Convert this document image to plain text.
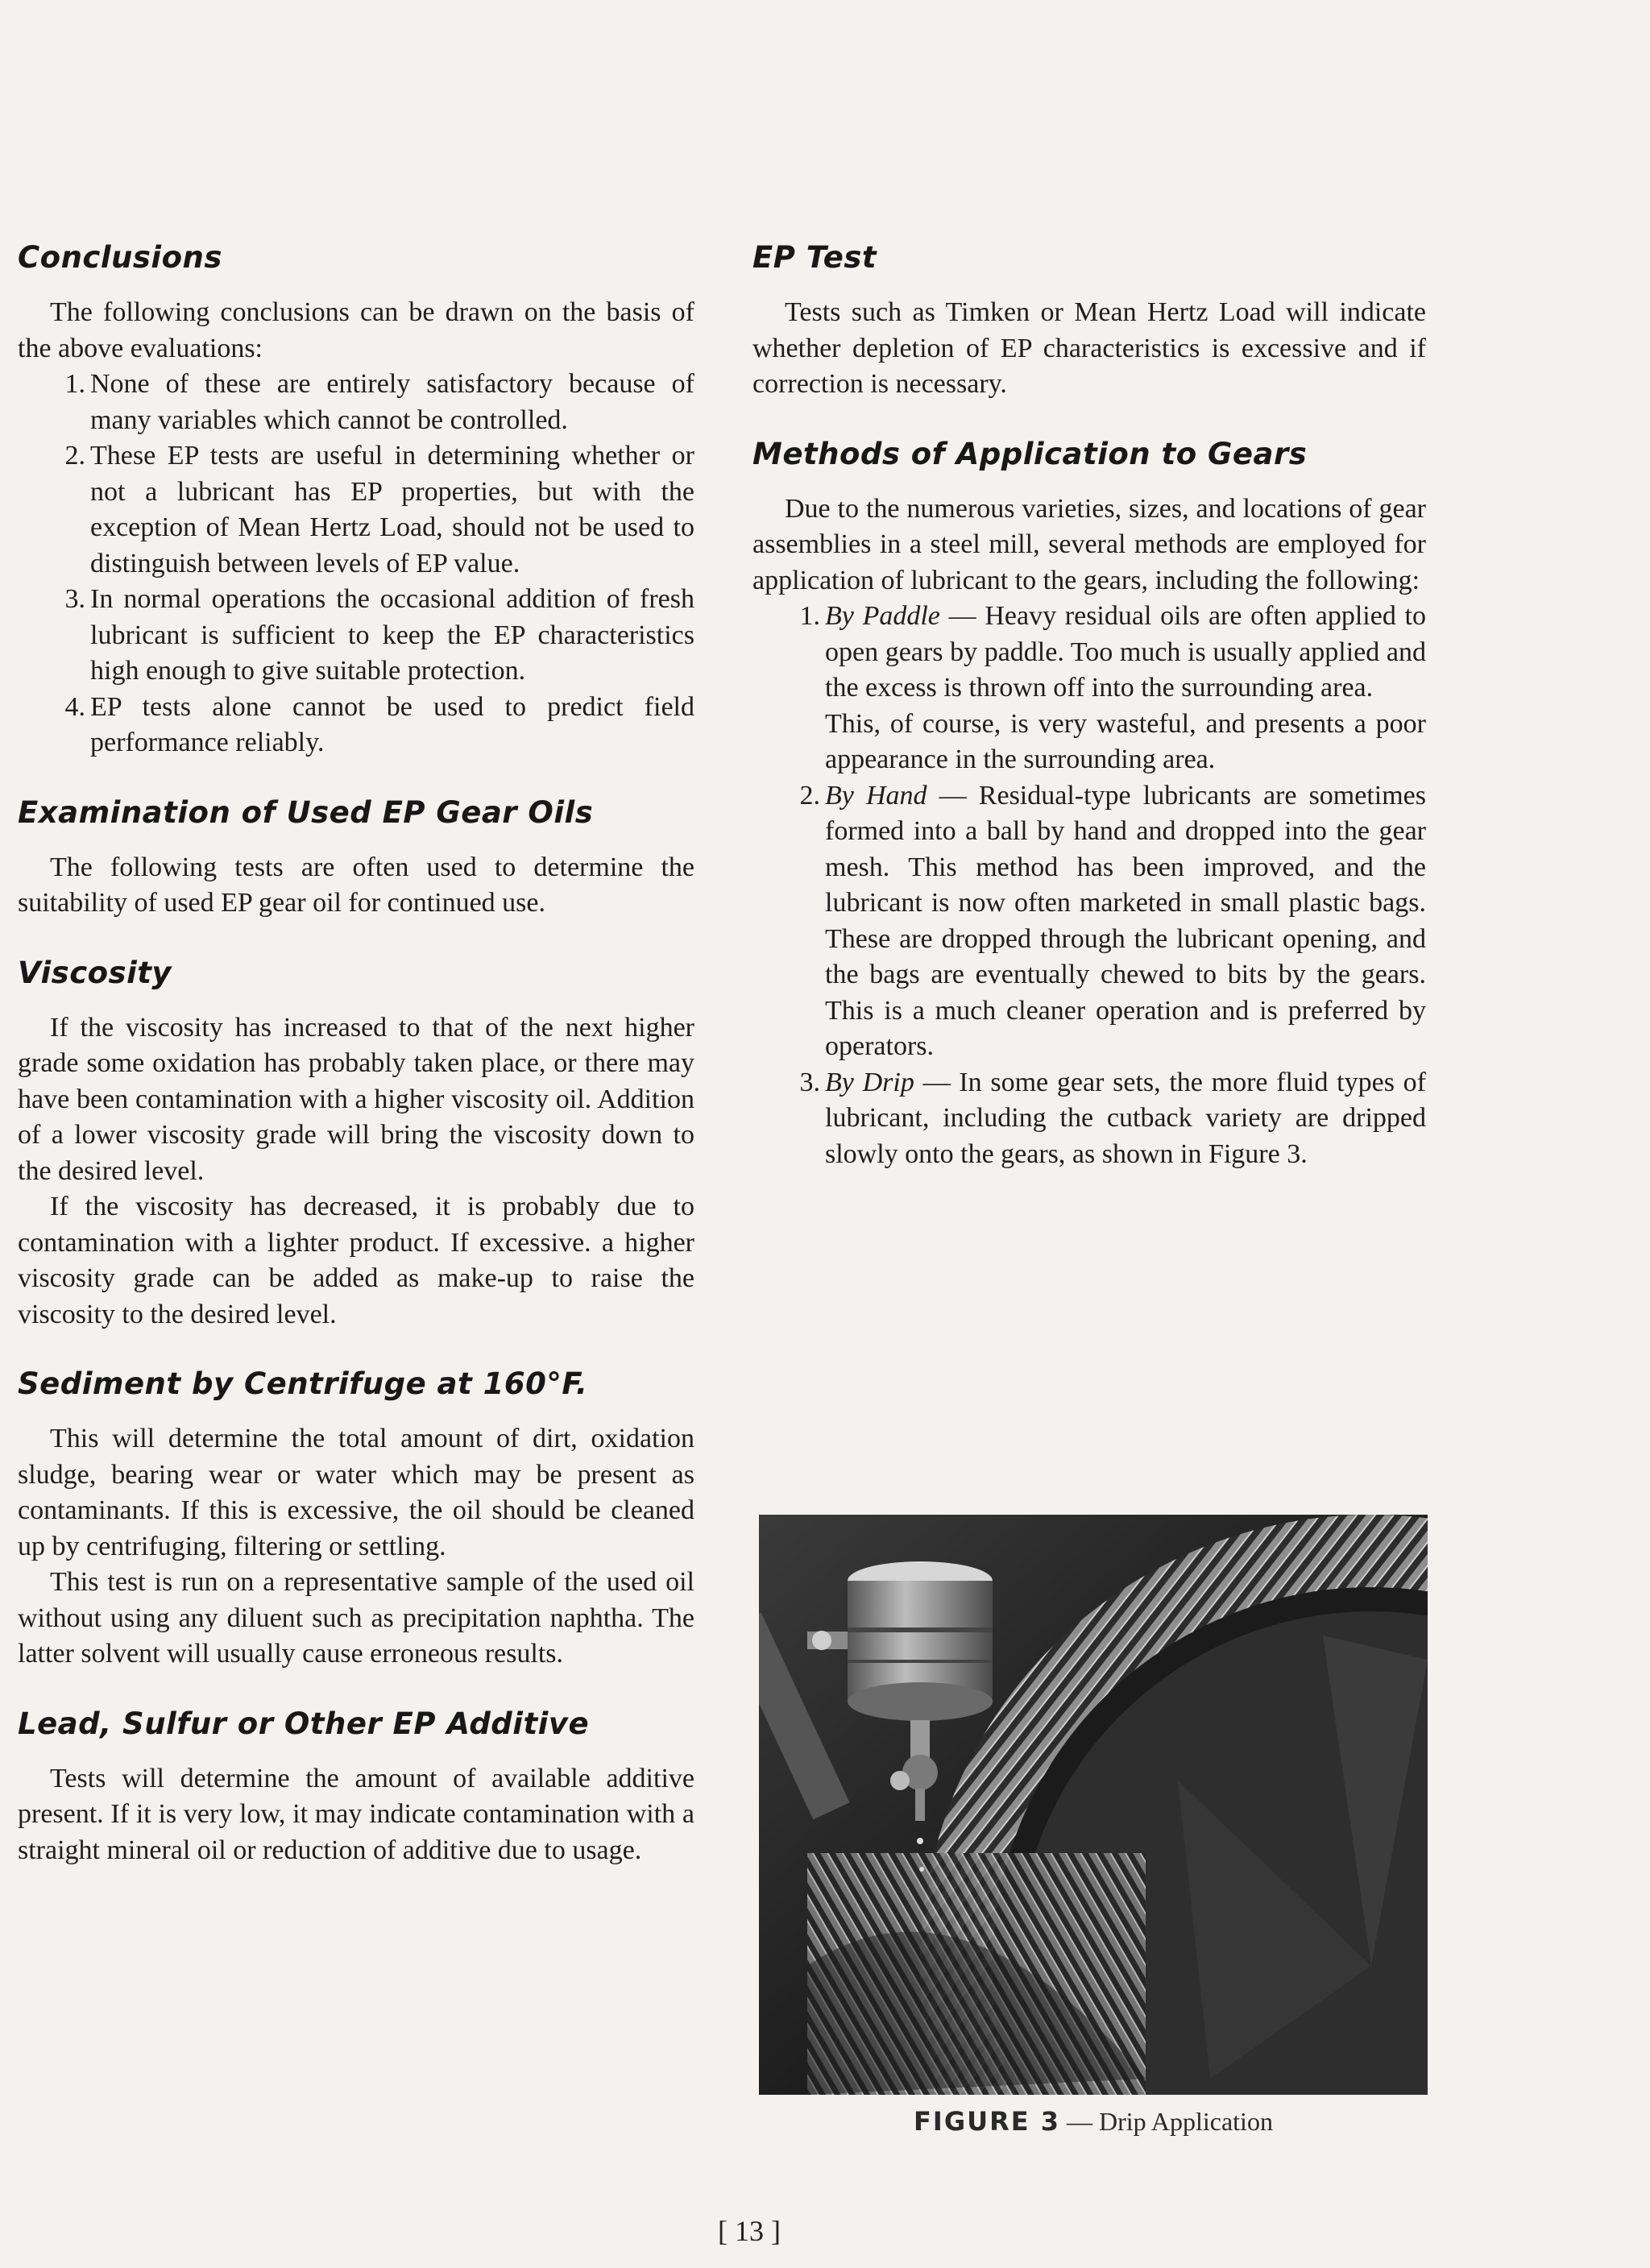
Conclusions

The following conclusions can be drawn on the basis of the above evaluations:

1. None of these are entirely satisfactory because of many variables which cannot be controlled.
2. These EP tests are useful in determining whether or not a lubricant has EP properties, but with the exception of Mean Hertz Load, should not be used to distinguish between levels of EP value.
3. In normal operations the occasional addition of fresh lubricant is sufficient to keep the EP characteristics high enough to give suitable protection.
4. EP tests alone cannot be used to predict field performance reliably.
Examination of Used EP Gear Oils

The following tests are often used to determine the suitability of used EP gear oil for continued use.

Viscosity

If the viscosity has increased to that of the next higher grade some oxidation has probably taken place, or there may have been contamination with a higher viscosity oil. Addition of a lower viscosity grade will bring the viscosity down to the desired level.

If the viscosity has decreased, it is probably due to contamination with a lighter product. If excessive. a higher viscosity grade can be added as make-up to raise the viscosity to the desired level.

Sediment by Centrifuge at 160°F.

This will determine the total amount of dirt, oxidation sludge, bearing wear or water which may be present as contaminants. If this is excessive, the oil should be cleaned up by centrifuging, filtering or settling.

This test is run on a representative sample of the used oil without using any diluent such as precipitation naphtha. The latter solvent will usually cause erroneous results.

Lead, Sulfur or Other EP Additive

Tests will determine the amount of available additive present. If it is very low, it may indicate contamination with a straight mineral oil or reduction of additive due to usage.

EP Test

Tests such as Timken or Mean Hertz Load will indicate whether depletion of EP characteristics is excessive and if correction is necessary.

Methods of Application to Gears

Due to the numerous varieties, sizes, and locations of gear assemblies in a steel mill, several methods are employed for application of lubricant to the gears, including the following:

1. By Paddle — Heavy residual oils are often applied to open gears by paddle. Too much is usually applied and the excess is thrown off into the surrounding area.
This, of course, is very wasteful, and presents a poor appearance in the surrounding area.
2. By Hand — Residual-type lubricants are sometimes formed into a ball by hand and dropped into the gear mesh. This method has been improved, and the lubricant is now often marketed in small plastic bags. These are dropped through the lubricant opening, and the bags are eventually chewed to bits by the gears. This is a much cleaner operation and is preferred by operators.
3. By Drip — In some gear sets, the more fluid types of lubricant, including the cutback variety are dripped slowly onto the gears, as shown in Figure 3.
FIGURE 3 — Drip Application
[ 13 ]
